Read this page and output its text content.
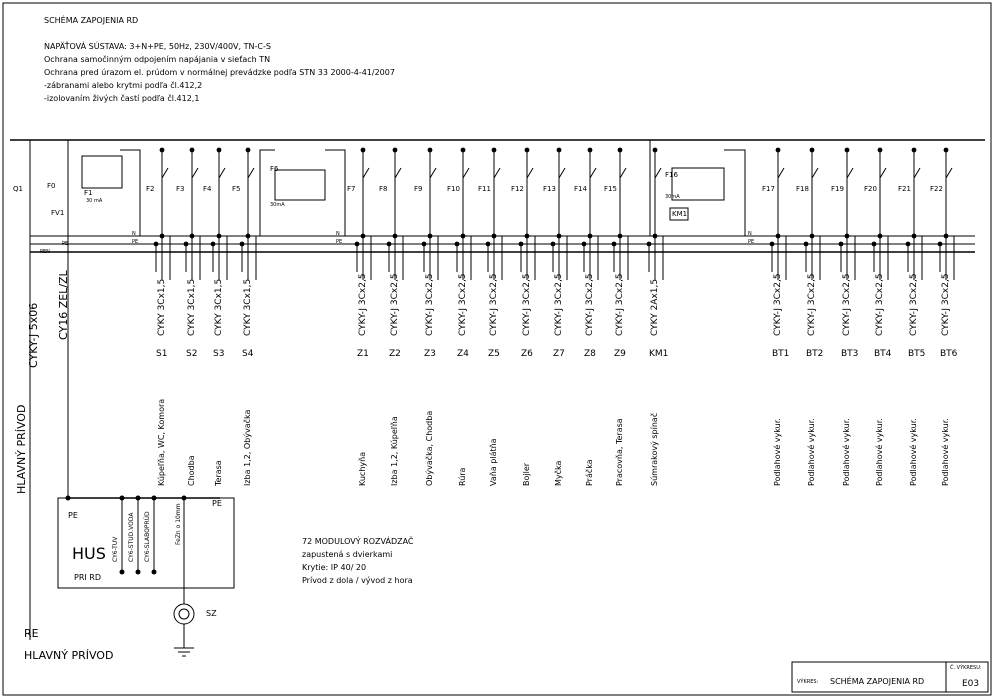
SCHÉMA ZAPOJENIA RD
NAPÄŤOVÁ SÚSTAVA: 3+N+PE, 50Hz, 230V/400V, TN-C-S
Ochrana samočinným odpojením napájania v sieťach TN
Ochrana pred úrazom el. prúdom v normálnej prevádzke podľa STN 33 2000-4-41/2007
-zábranami alebo krytmi podľa čl.412,2
-izolovaním živých častí podľa čl.412,1
Q1	F0
FV1
F1
30 mA
F6
30mA
F16
30mA
KM1
PEN
PE	PE	PE	PE
N	N	N
CYKY-J 5x06 CY16 ZEL/ZL
HLAVNÝ PRÍVOD
RE
HLAVNÝ PRÍVOD
HUS
PRI RD
PE
PE
CY6-TUV CY6-STUD.VODA CY6-SLABOPRÚD	FeZn o 10mm
SZ
72 MODULOVÝ ROZVÁDZAČ
zapustená s dvierkami
Krytie: IP 40/ 20
Prívod z dola / vývod z hora
VÝKRES: SCHÉMA ZAPOJENIA RD
Č. VÝKRESU:
E03
F2
CYKY 3Cx1,5
S1
Kúpeľňa, WC, Komora
F3
CYKY 3Cx1,5
S2
Chodba
F4
CYKY 3Cx1,5
S3
Terasa
F5
CYKY 3Cx1,5
S4
Izba 1,2, Obývačka
F7
CYKY-J 3Cx2,5
Z1
Kuchyňa
F8
CYKY-J 3Cx2,5
Z2
Izba 1,2, Kúpeľňa
F9
CYKY-J 3Cx2,5
Z3
Obývačka, Chodba
F10
CYKY-J 3Cx2,5
Z4
Rúra
F11
CYKY-J 3Cx2,5
Z5
Vaňa plátňa
F12
CYKY-J 3Cx2,5
Z6
Bojler
F13
CYKY-J 3Cx2,5
Z7
Myčka
F14
CYKY-J 3Cx2,5
Z8
Práčka
F15
CYKY-J 3Cx2,5
Z9
Pracovňa, Terasa
CYKY 2Ax1,5
KM1
Súmrakový spínač
F17
CYKY-J 3Cx2,5
BT1
Podlahové vykur.
F18
CYKY-J 3Cx2,5
BT2
Podlahové vykur.
F19
CYKY-J 3Cx2,5
BT3
Podlahové vykur.
F20
CYKY-J 3Cx2,5
BT4
Podlahové vykur.
F21
CYKY-J 3Cx2,5
BT5
Podlahové vykur.
F22
CYKY-J 3Cx2,5
BT6
Podlahové vykur.
